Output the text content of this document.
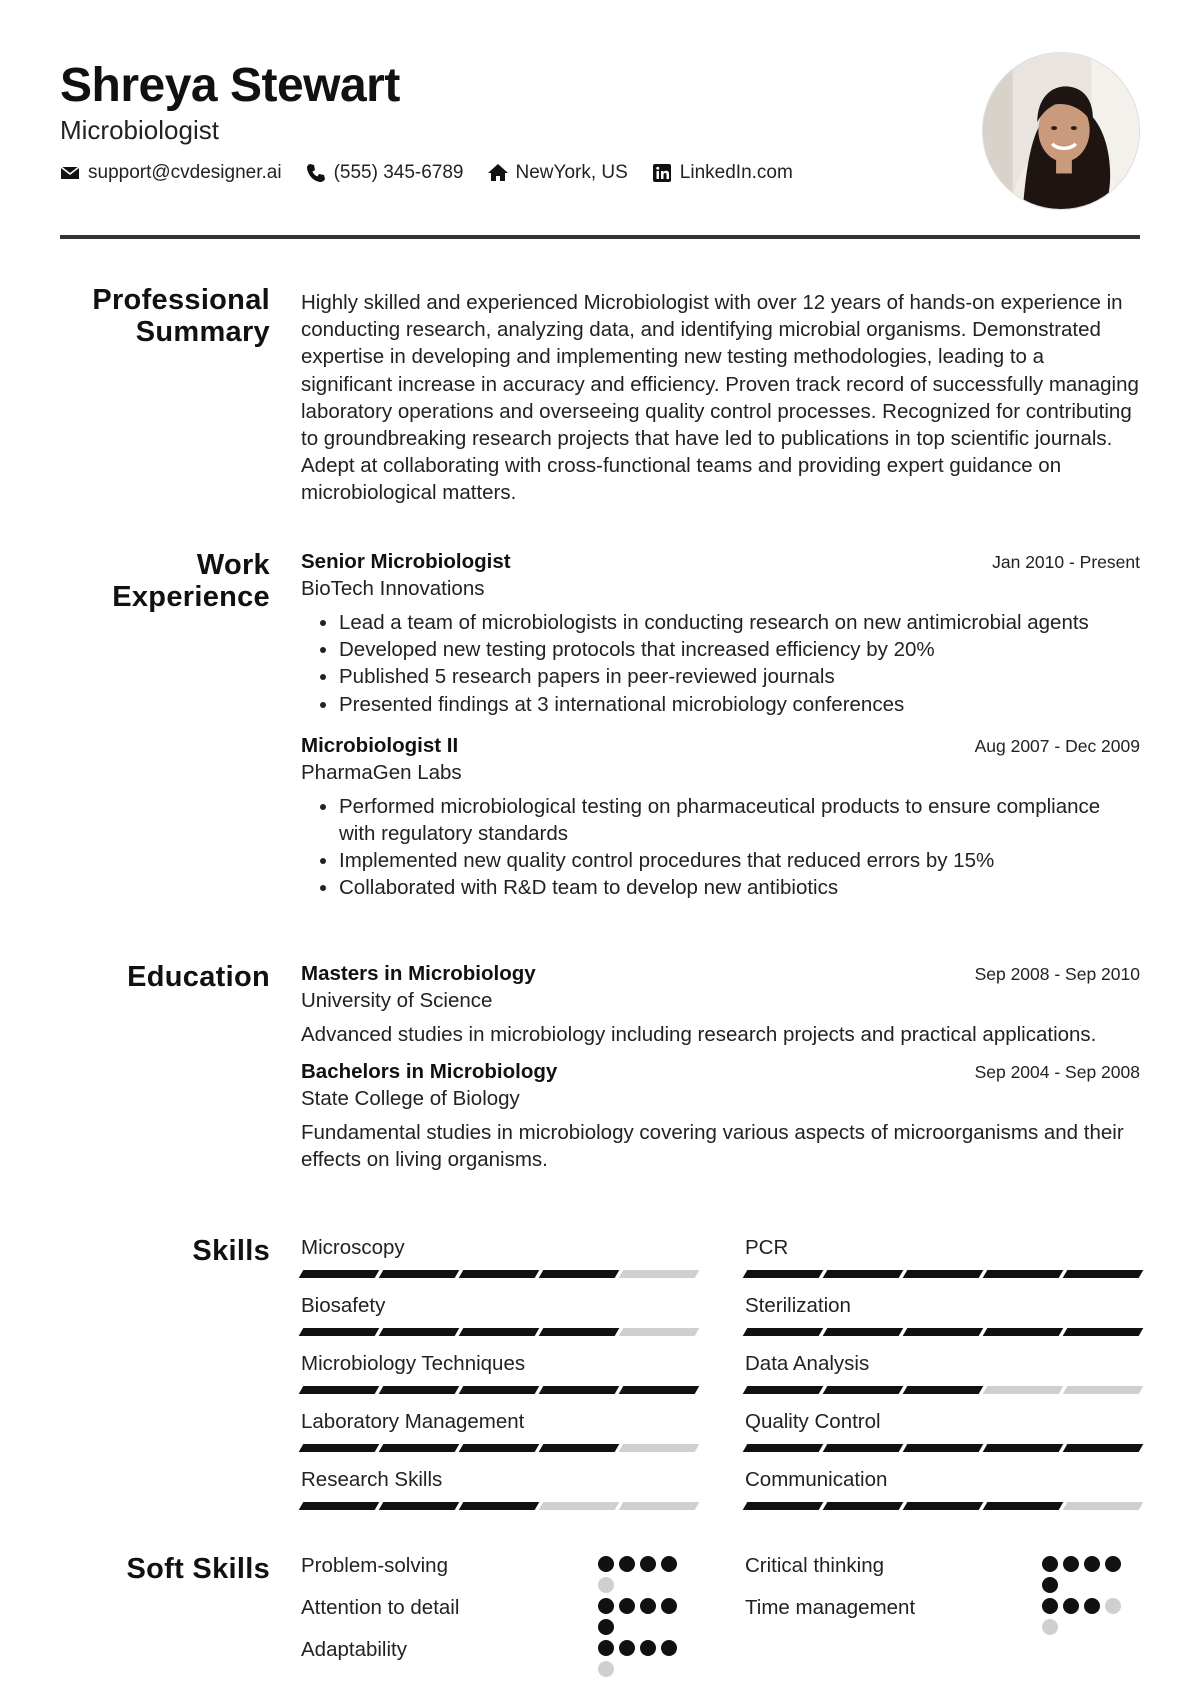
Shreya Stewart
Microbiologist
support@cvdesigner.ai	(555) 345-6789	NewYork, US	LinkedIn.com
Professional
Summary

Highly skilled and experienced Microbiologist with over 12 years of hands-on experience in conducting research, analyzing data, and identifying microbial organisms. Demonstrated expertise in developing and implementing new testing methodologies, leading to a significant increase in accuracy and efficiency. Proven track record of successfully managing laboratory operations and overseeing quality control processes. Recognized for contributing to groundbreaking research projects that have led to publications in top scientific journals. Adept at collaborating with cross-functional teams and providing expert guidance on microbiological matters.

Work
Experience
Senior Microbiologist	Jan 2010 - Present
BioTech Innovations
• Lead a team of microbiologists in conducting research on new antimicrobial agents
• Developed new testing protocols that increased efficiency by 20%
• Published 5 research papers in peer-reviewed journals
• Presented findings at 3 international microbiology conferences
Microbiologist II	Aug 2007 - Dec 2009
PharmaGen Labs
• Performed microbiological testing on pharmaceutical products to ensure compliance with regulatory standards
• Implemented new quality control procedures that reduced errors by 15%
• Collaborated with R&D team to develop new antibiotics
Education Masters in Microbiology	Sep 2008 - Sep 2010
University of Science

Advanced studies in microbiology including research projects and practical applications.

Bachelors in Microbiology	Sep 2004 - Sep 2008
State College of Biology

Fundamental studies in microbiology covering various aspects of microorganisms and their effects on living organisms.

Skills Microscopy	PCR
Biosafety	Sterilization
Microbiology Techniques	Data Analysis
Laboratory Management	Quality Control
Research Skills	Communication
Soft Skills Problem-solving	Critical thinking
Attention to detail	Time management
Adaptability
